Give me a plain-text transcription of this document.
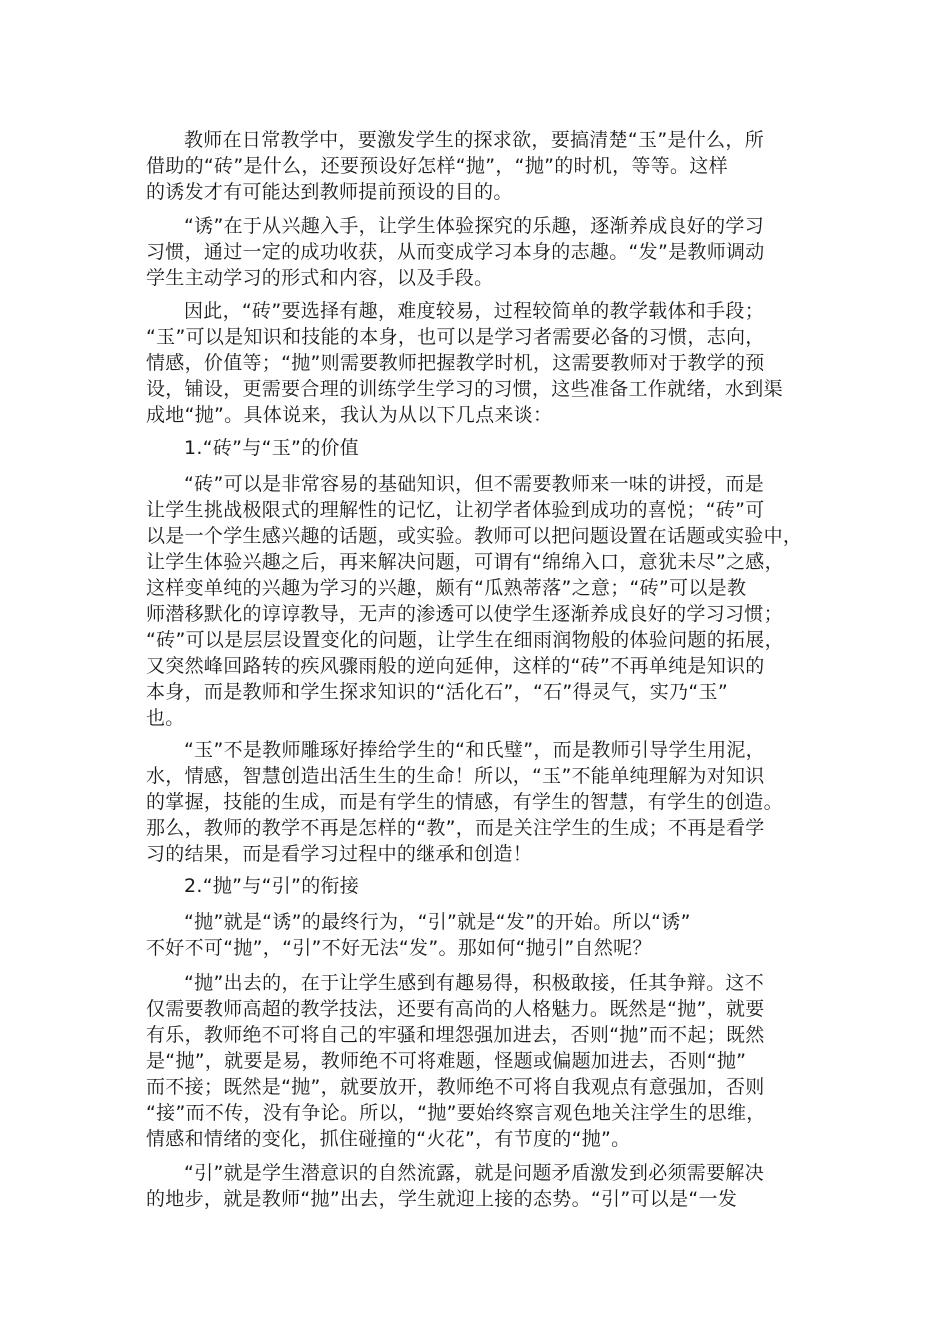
教师在日常教学中，要激发学生的探求欲，要搞清楚“玉”是什么，所
借助的“砖”是什么，还要预设好怎样“抛”，“抛”的时机，等等。这样
的诱发才有可能达到教师提前预设的目的。
“诱”在于从兴趣入手，让学生体验探究的乐趣，逐渐养成良好的学习
习惯，通过一定的成功收获，从而变成学习本身的志趣。“发”是教师调动
学生主动学习的形式和内容，以及手段。
因此，“砖”要选择有趣，难度较易，过程较简单的教学载体和手段；
“玉”可以是知识和技能的本身，也可以是学习者需要必备的习惯，志向，
情感，价值等；“抛”则需要教师把握教学时机，这需要教师对于教学的预
设，铺设，更需要合理的训练学生学习的习惯，这些准备工作就绪，水到渠
成地“抛”。具体说来，我认为从以下几点来谈：
1.“砖”与“玉”的价值
“砖”可以是非常容易的基础知识，但不需要教师来一味的讲授，而是
让学生挑战极限式的理解性的记忆，让初学者体验到成功的喜悦；“砖”可
以是一个学生感兴趣的话题，或实验。教师可以把问题设置在话题或实验中，
让学生体验兴趣之后，再来解决问题，可谓有“绵绵入口，意犹未尽”之感，
这样变单纯的兴趣为学习的兴趣，颇有“瓜熟蒂落”之意；“砖”可以是教
师潜移默化的谆谆教导，无声的渗透可以使学生逐渐养成良好的学习习惯；
“砖”可以是层层设置变化的问题，让学生在细雨润物般的体验问题的拓展，
又突然峰回路转的疾风骤雨般的逆向延伸，这样的“砖”不再单纯是知识的
本身，而是教师和学生探求知识的“活化石”，“石”得灵气，实乃“玉”
也。
“玉”不是教师雕琢好捧给学生的“和氏璧”，而是教师引导学生用泥，
水，情感，智慧创造出活生生的生命！所以，“玉”不能单纯理解为对知识
的掌握，技能的生成，而是有学生的情感，有学生的智慧，有学生的创造。
那么，教师的教学不再是怎样的“教”，而是关注学生的生成；不再是看学
习的结果，而是看学习过程中的继承和创造！
2.“抛”与“引”的衔接
“抛”就是“诱”的最终行为，“引”就是“发”的开始。所以“诱”
不好不可“抛”，“引”不好无法“发”。那如何“抛引”自然呢？
“抛”出去的，在于让学生感到有趣易得，积极敢接，任其争辩。这不
仅需要教师高超的教学技法，还要有高尚的人格魅力。既然是“抛”，就要
有乐，教师绝不可将自己的牢骚和埋怨强加进去，否则“抛”而不起；既然
是“抛”，就要是易，教师绝不可将难题，怪题或偏题加进去，否则“抛”
而不接；既然是“抛”，就要放开，教师绝不可将自我观点有意强加，否则
“接”而不传，没有争论。所以，“抛”要始终察言观色地关注学生的思维，
情感和情绪的变化，抓住碰撞的“火花”，有节度的“抛”。
“引”就是学生潜意识的自然流露，就是问题矛盾激发到必须需要解决
的地步，就是教师“抛”出去，学生就迎上接的态势。“引”可以是“一发
